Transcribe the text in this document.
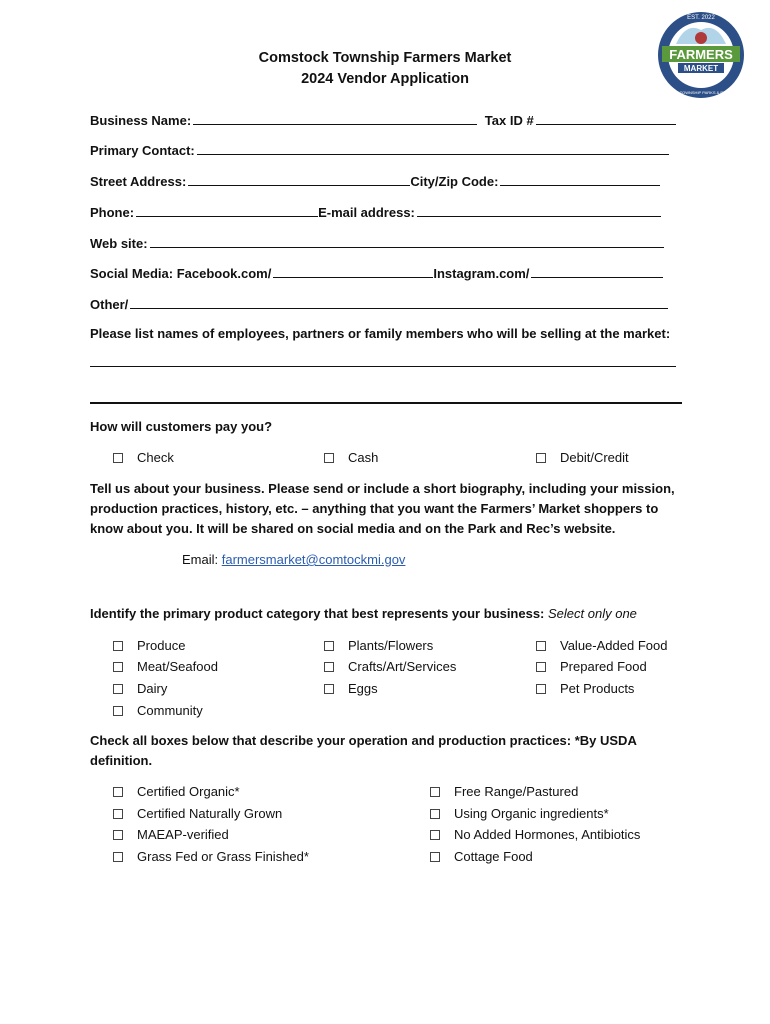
FARMERS
MARKET
EST. 2022
COMSTOCK TOWNSHIP PARKS & RECREATION
Comstock Township Farmers Market
2024 Vendor Application
Business Name:	Tax ID #
Primary Contact:
Street Address:	City/Zip Code:
Phone:	E-mail address:
Web site:
Social Media: Facebook.com/	Instagram.com/
Other/
Please list names of employees, partners or family members who will be selling at the market:
How will customers pay you?
Check	Cash	Debit/Credit
Tell us about your business. Please send or include a short biography, including your mission,
production practices, history, etc. – anything that you want the Farmers’ Market shoppers to
know about you. It will be shared on social media and on the Park and Rec’s website.
Email: farmersmarket@comtockmi.gov
Identify the primary product category that best represents your business: Select only one
Produce
Meat/Seafood
Dairy
Community
Plants/Flowers
Crafts/Art/Services
Eggs
Value-Added Food
Prepared Food
Pet Products
Check all boxes below that describe your operation and production practices: *By USDA
definition.
Certified Organic*
Certified Naturally Grown
MAEAP-verified
Grass Fed or Grass Finished*
Free Range/Pastured
Using Organic ingredients*
No Added Hormones, Antibiotics
Cottage Food
